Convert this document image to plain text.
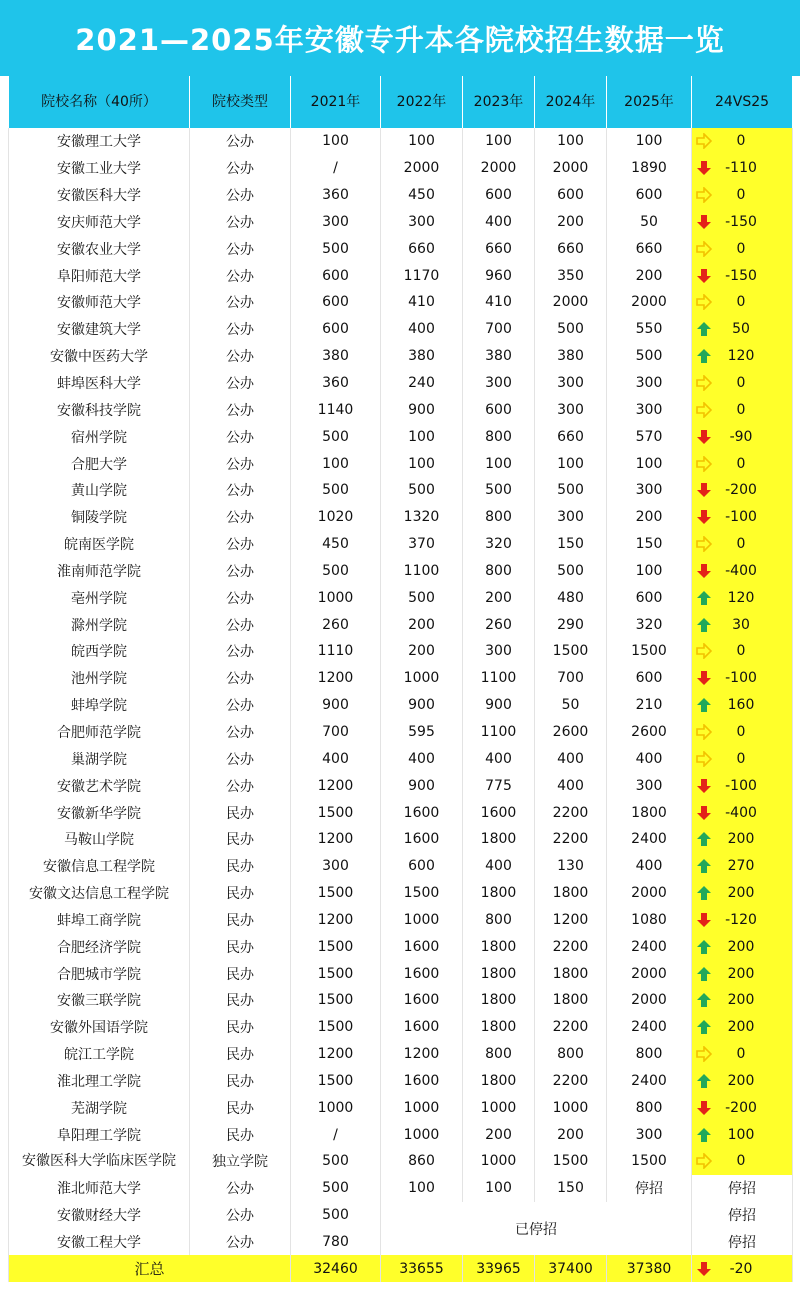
2021—2025年安徽专升本各院校招生数据一览
院校名称（40所）	院校类型	2021年	2022年	2023年	2024年	2025年	24VS25
安徽理工大学	公办	100	100	100	100	100	0

安徽工业大学	公办	/	2000	2000	2000	1890	-110

安徽医科大学	公办	360	450	600	600	600	0

安庆师范大学	公办	300	300	400	200	50	-150

安徽农业大学	公办	500	660	660	660	660	0

阜阳师范大学	公办	600	1170	960	350	200	-150

安徽师范大学	公办	600	410	410	2000	2000	0

安徽建筑大学	公办	600	400	700	500	550	50

安徽中医药大学	公办	380	380	380	380	500	120

蚌埠医科大学	公办	360	240	300	300	300	0

安徽科技学院	公办	1140	900	600	300	300	0

宿州学院	公办	500	100	800	660	570	-90

合肥大学	公办	100	100	100	100	100	0

黄山学院	公办	500	500	500	500	300	-200

铜陵学院	公办	1020	1320	800	300	200	-100

皖南医学院	公办	450	370	320	150	150	0

淮南师范学院	公办	500	1100	800	500	100	-400

亳州学院	公办	1000	500	200	480	600	120

滁州学院	公办	260	200	260	290	320	30

皖西学院	公办	1110	200	300	1500	1500	0

池州学院	公办	1200	1000	1100	700	600	-100

蚌埠学院	公办	900	900	900	50	210	160

合肥师范学院	公办	700	595	1100	2600	2600	0

巢湖学院	公办	400	400	400	400	400	0

安徽艺术学院	公办	1200	900	775	400	300	-100

安徽新华学院	民办	1500	1600	1600	2200	1800	-400

马鞍山学院	民办	1200	1600	1800	2200	2400	200

安徽信息工程学院	民办	300	600	400	130	400	270

安徽文达信息工程学院	民办	1500	1500	1800	1800	2000	200

蚌埠工商学院	民办	1200	1000	800	1200	1080	-120

合肥经济学院	民办	1500	1600	1800	2200	2400	200

合肥城市学院	民办	1500	1600	1800	1800	2000	200

安徽三联学院	民办	1500	1600	1800	1800	2000	200

安徽外国语学院	民办	1500	1600	1800	2200	2400	200

皖江工学院	民办	1200	1200	800	800	800	0

淮北理工学院	民办	1500	1600	1800	2200	2400	200

芜湖学院	民办	1000	1000	1000	1000	800	-200

阜阳理工学院	民办	/	1000	200	200	300	100

安徽医科大学临床医学院	独立学院	500	860	1000	1500	1500	0

淮北师范大学	公办	500	100	100	150	停招	停招
安徽财经大学	公办	500	已停招				停招
安徽工程大学	公办	780					停招
汇总		32460	33655	33965	37400	37380	-20
